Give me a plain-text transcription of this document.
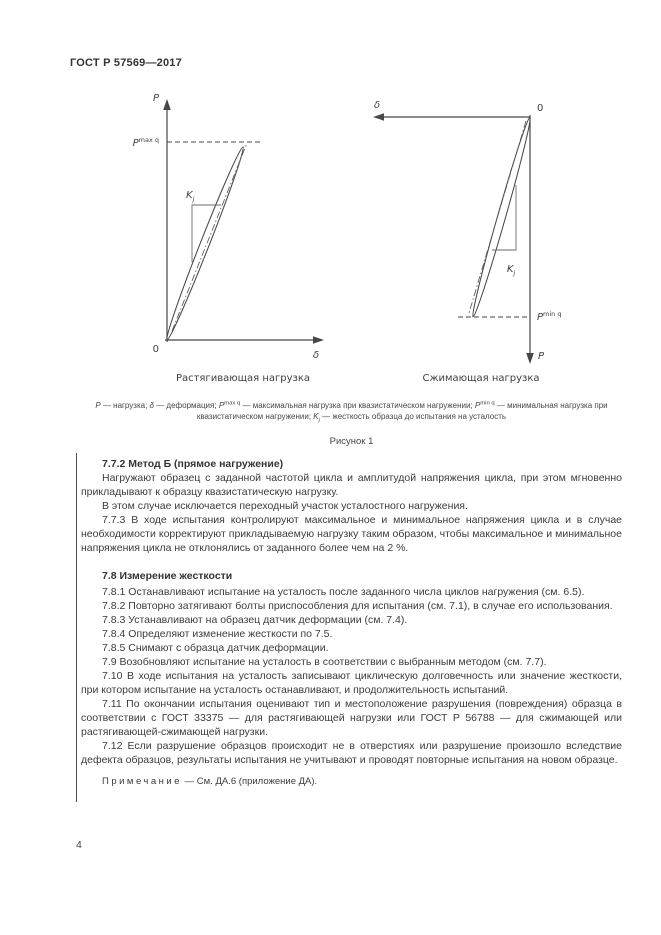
ГОСТ Р 57569—2017
P
δ
0
$P^{max q}$
$K_j$
Растягивающая нагрузка
δ	0
P
$K_j$
$P^{min q}$
Сжимающая нагрузка
P — нагрузка; δ — деформация; $P^{max q}$ — максимальная нагрузка при квазистатическом нагружении; $P^{min q}$ — минимальная нагрузка при квазистатическом нагружении; $K_j$ — жесткость образца до испытания на усталость
Рисунок 1

7.7.2 Метод Б (прямое нагружение)

Нагружают образец с заданной частотой цикла и амплитудой напряжения цикла, при этом мгновенно прикладывают к образцу квазистатическую нагрузку.

В этом случае исключается переходный участок усталостного нагружения.

7.7.3 В ходе испытания контролируют максимальное и минимальное напряжения цикла и в случае необходимости корректируют прикладываемую нагрузку таким образом, чтобы максимальное и минимальное напряжения цикла не отклонялись от заданного более чем на 2 %.

7.8 Измерение жесткости

7.8.1 Останавливают испытание на усталость после заданного числа циклов нагружения (см. 6.5).

7.8.2 Повторно затягивают болты приспособления для испытания (см. 7.1), в случае его использования.

7.8.3 Устанавливают на образец датчик деформации (см. 7.4).

7.8.4 Определяют изменение жесткости по 7.5.

7.8.5 Снимают с образца датчик деформации.

7.9 Возобновляют испытание на усталость в соответствии с выбранным методом (см. 7.7).

7.10 В ходе испытания на усталость записывают циклическую долговечность или значение жесткости, при котором испытание на усталость останавливают, и продолжительность испытаний.

7.11 По окончании испытания оценивают тип и местоположение разрушения (повреждения) образца в соответствии с ГОСТ 33375 — для растягивающей нагрузки или ГОСТ Р 56788 — для сжимающей или растягивающей-сжимающей нагрузки.

7.12 Если разрушение образцов происходит не в отверстиях или разрушение произошло вследствие дефекта образцов, результаты испытания не учитывают и проводят повторные испытания на новом образце.

Примечание — См. ДА.6 (приложение ДА).

4
